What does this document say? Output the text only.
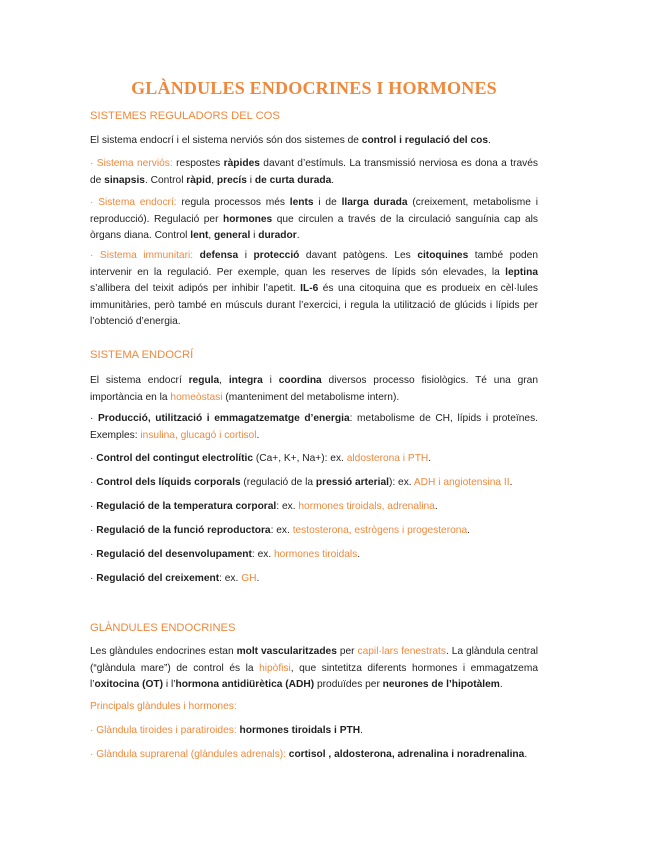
GLÀNDULES ENDOCRINES I HORMONES
SISTEMES REGULADORS DEL COS
El sistema endocrí i el sistema nerviós són dos sistemes de control i regulació del cos.
· Sistema nerviós: respostes ràpides davant d’estímuls. La transmissió nerviosa es dona a través de sinapsis. Control ràpid, precís i de curta durada.
· Sistema endocrí: regula processos més lents i de llarga durada (creixement, metabolisme i reproducció). Regulació per hormones que circulen a través de la circulació sanguínia cap als òrgans diana. Control lent, general i durador.
· Sistema immunitari: defensa i protecció davant patògens. Les citoquines també poden intervenir en la regulació. Per exemple, quan les reserves de lípids són elevades, la leptina s’allibera del teixit adipós per inhibir l’apetit. IL-6 és una citoquina que es produeix en cèl·lules immunitàries, però també en músculs durant l’exercici, i regula la utilització de glúcids i lípids per l’obtenció d’energia.
SISTEMA ENDOCRÍ
El sistema endocrí regula, integra i coordina diversos processo fisiològics. Té una gran importància en la homeòstasi (manteniment del metabolisme intern).
· Producció, utilització i emmagatzematge d’energia: metabolisme de CH, lípids i proteïnes. Exemples: insulina, glucagó i cortisol.
· Control del contingut electrolític (Ca+, K+, Na+): ex. aldosterona i PTH.
· Control dels líquids corporals (regulació de la pressió arterial): ex. ADH i angiotensina II.
· Regulació de la temperatura corporal: ex. hormones tiroidals, adrenalina.
· Regulació de la funció reproductora: ex. testosterona, estrògens i progesterona.
· Regulació del desenvolupament: ex. hormones tiroidals.
· Regulació del creixement: ex. GH.
GLÀNDULES ENDOCRINES
Les glàndules endocrines estan molt vascularitzades per capil·lars fenestrats. La glàndula central (“glàndula mare”) de control és la hipòfisi, que sintetitza diferents hormones i emmagatzema l’oxitocina (OT) i l’hormona antidiürètica (ADH) produïdes per neurones de l’hipotàlem.
Principals glàndules i hormones:
· Glàndula tiroides i paratiroides: hormones tiroidals i PTH.
· Glàndula suprarenal (glàndules adrenals): cortisol , aldosterona, adrenalina i noradrenalina.
